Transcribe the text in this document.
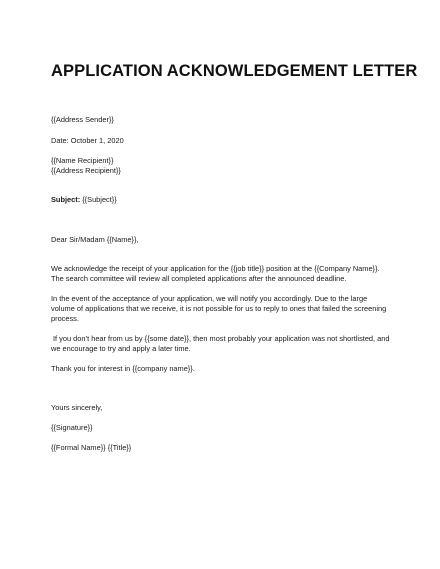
APPLICATION ACKNOWLEDGEMENT LETTER
{{Address Sender}}
Date: October 1, 2020
{{Name Recipient}}
{{Address Recipient}}
Subject: {{Subject}}
Dear Sir/Madam {{Name}},
We acknowledge the receipt of your application for the {{job title}} position at the {{Company Name}}.
The search committee will review all completed applications after the announced deadline.
In the event of the acceptance of your application, we will notify you accordingly. Due to the large
volume of applications that we receive, it is not possible for us to reply to ones that failed the screening
process.
If you don’t hear from us by {{some date}}, then most probably your application was not shortlisted, and
we encourage to try and apply a later time.
Thank you for interest in {{company name}}.
Yours sincerely,
{{Signature}}
{{Formal Name}} {{Title}}
